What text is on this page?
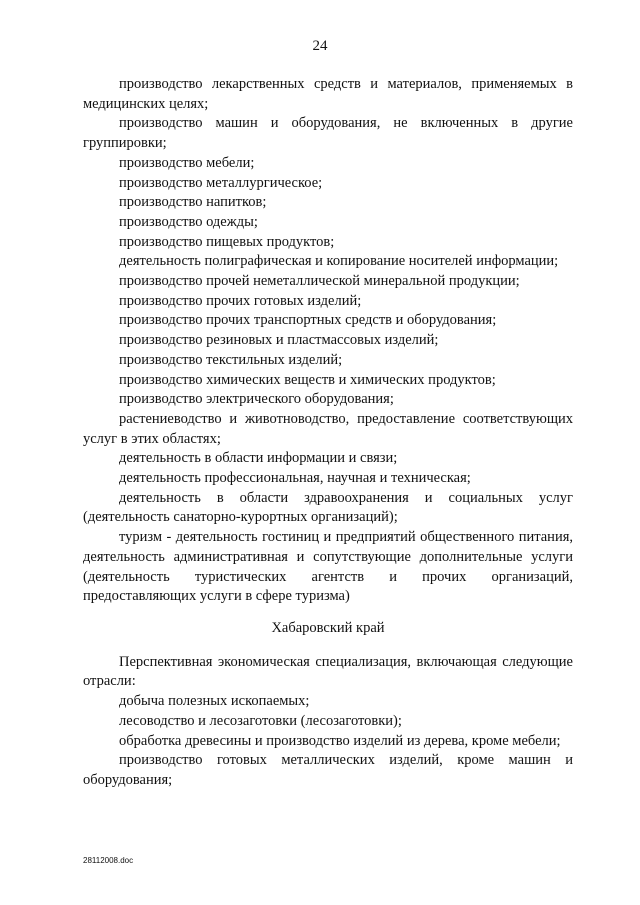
24

производство лекарственных средств и материалов, применяемых в медицинских целях;

производство машин и оборудования, не включенных в другие группировки;

производство мебели;

производство металлургическое;

производство напитков;

производство одежды;

производство пищевых продуктов;

деятельность полиграфическая и копирование носителей информации;

производство прочей неметаллической минеральной продукции;

производство прочих готовых изделий;

производство прочих транспортных средств и оборудования;

производство резиновых и пластмассовых изделий;

производство текстильных изделий;

производство химических веществ и химических продуктов;

производство электрического оборудования;

растениеводство и животноводство, предоставление соответствующих услуг в этих областях;

деятельность в области информации и связи;

деятельность профессиональная, научная и техническая;

деятельность в области здравоохранения и социальных услуг (деятельность санаторно-курортных организаций);

туризм - деятельность гостиниц и предприятий общественного питания, деятельность административная и сопутствующие дополнительные услуги (деятельность туристических агентств и прочих организаций, предоставляющих услуги в сфере туризма)

Хабаровский край

Перспективная экономическая специализация, включающая следующие отрасли:

добыча полезных ископаемых;

лесоводство и лесозаготовки (лесозаготовки);

обработка древесины и производство изделий из дерева, кроме мебели;

производство готовых металлических изделий, кроме машин и оборудования;

28112008.doc
